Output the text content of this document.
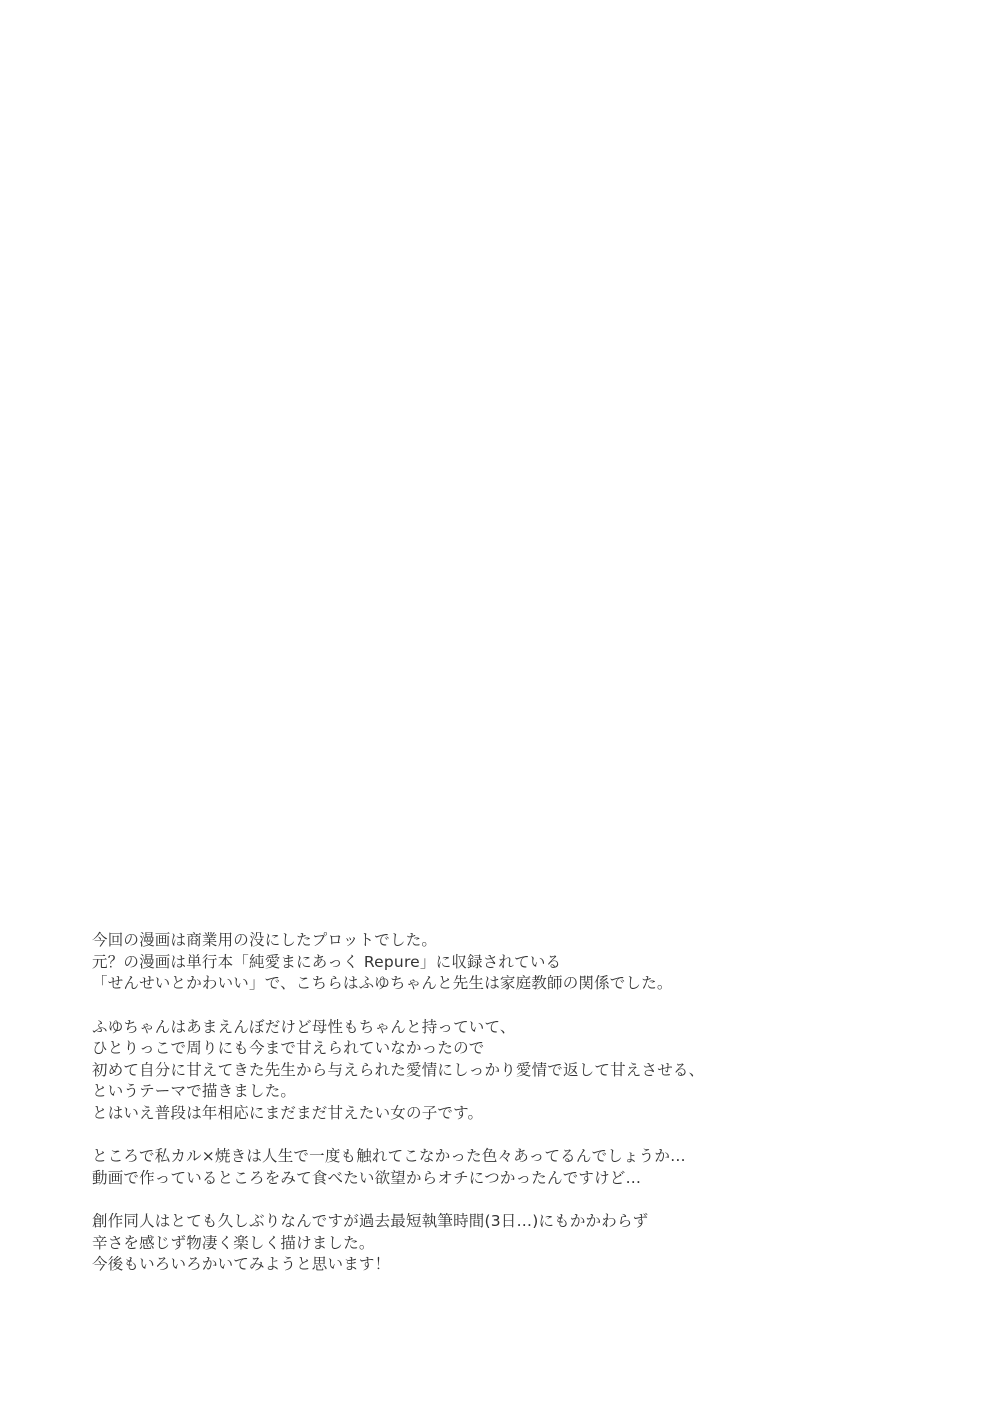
今回の漫画は商業用の没にしたプロットでした。
元？の漫画は単行本「純愛まにあっく Repure」に収録されている
「せんせいとかわいい」で、こちらはふゆちゃんと先生は家庭教師の関係でした。
ふゆちゃんはあまえんぼだけど母性もちゃんと持っていて、
ひとりっこで周りにも今まで甘えられていなかったので
初めて自分に甘えてきた先生から与えられた愛情にしっかり愛情で返して甘えさせる、
というテーマで描きました。
とはいえ普段は年相応にまだまだ甘えたい女の子です。
ところで私カル×焼きは人生で一度も触れてこなかった色々あってるんでしょうか…
動画で作っているところをみて食べたい欲望からオチにつかったんですけど…
創作同人はとても久しぶりなんですが過去最短執筆時間(3日…)にもかかわらず
辛さを感じず物凄く楽しく描けました。
今後もいろいろかいてみようと思います！
